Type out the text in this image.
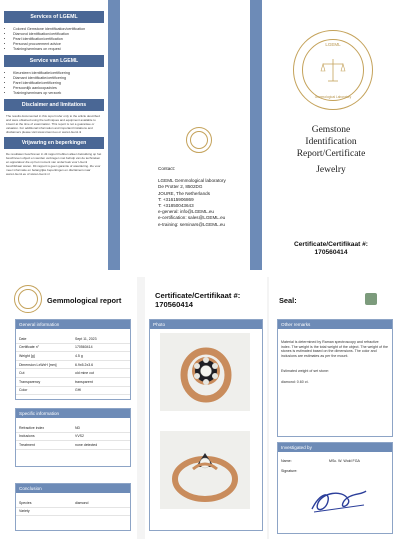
Services of LGEML
• Colored Gemstone identification/certification
• Diamond identification/certification
• Pearl identification/certification
• Personal procurement advice
• Training/seminars on request
Service van LGEML
• Kleursteen identificatie/certificering
• Diamant identificatie/certificering
• Parel identificatie/certificering
• Persoonlijk aankoopadvies
• Training/seminars op verzoek
Disclaimer and limitations
The results documented in this report refer only to the article described and were obtained using the techniques and equipment available to LGeml at the time of examination. This report is not a guarantee or valuation. For additional information and important limitations and disclaimers please visit www.LGeml.eu or www.LGeml.nl
Vrijwaring en beperkingen
De resultaten beschreven in dit rapport hebben alleen betrekking op het beschreven object en werden verkregen met behulp van de technieken en apparatuur die op het moment van onderzoek voor LGeml beschikbaar waren. Dit rapport is geen garantie of waardering. Zie voor meer informatie en belangrijke beperkingen en disclaimers naar www.LGeml.eu of www.LGeml.nl
Contact:
LGEML Gemmological laboratory
De Protter 2, 8502DG
JOURE, The Netherlands
T: +31615906869
T: +31850043643
e-general: info@LGEML.eu
e-certification: sales@LGEML.eu
e-training: seminars@LGEML.eu
LGEML
Gemmological Laboratory
Gemstone
Identification
Report/Certificate
Jewelry
Certificate/Certifikaat #:
170560414
Gemmological report
General information
Date	Sept 11, 2023
Certificate n°	170560414
Weight [g]	4.5 g
Dimension LxWxH [mm]	6.9x5.2x3.6
Cut	old mine cut
Transparency	transparent
Color	GHI
Specific information
Refractive index	ND
Inclusions	VVS2
Treatment	none detected
Conclusion
Species	diamond
Variety
Certificate/Certifikaat #:
170560414
Photo
Seal:
Other remarks
Material is determined by Raman spectroscopy and refractive index. The weight is the total weight of the object. The weight of the stones is estimated based on the dimensions. The color and inclusions are estimates as per the mount.
Estimated weight of set stone:
diamond: 0.60 ct.
Investigated by
Name:	MSc. W. Wold FGA
Signature:
